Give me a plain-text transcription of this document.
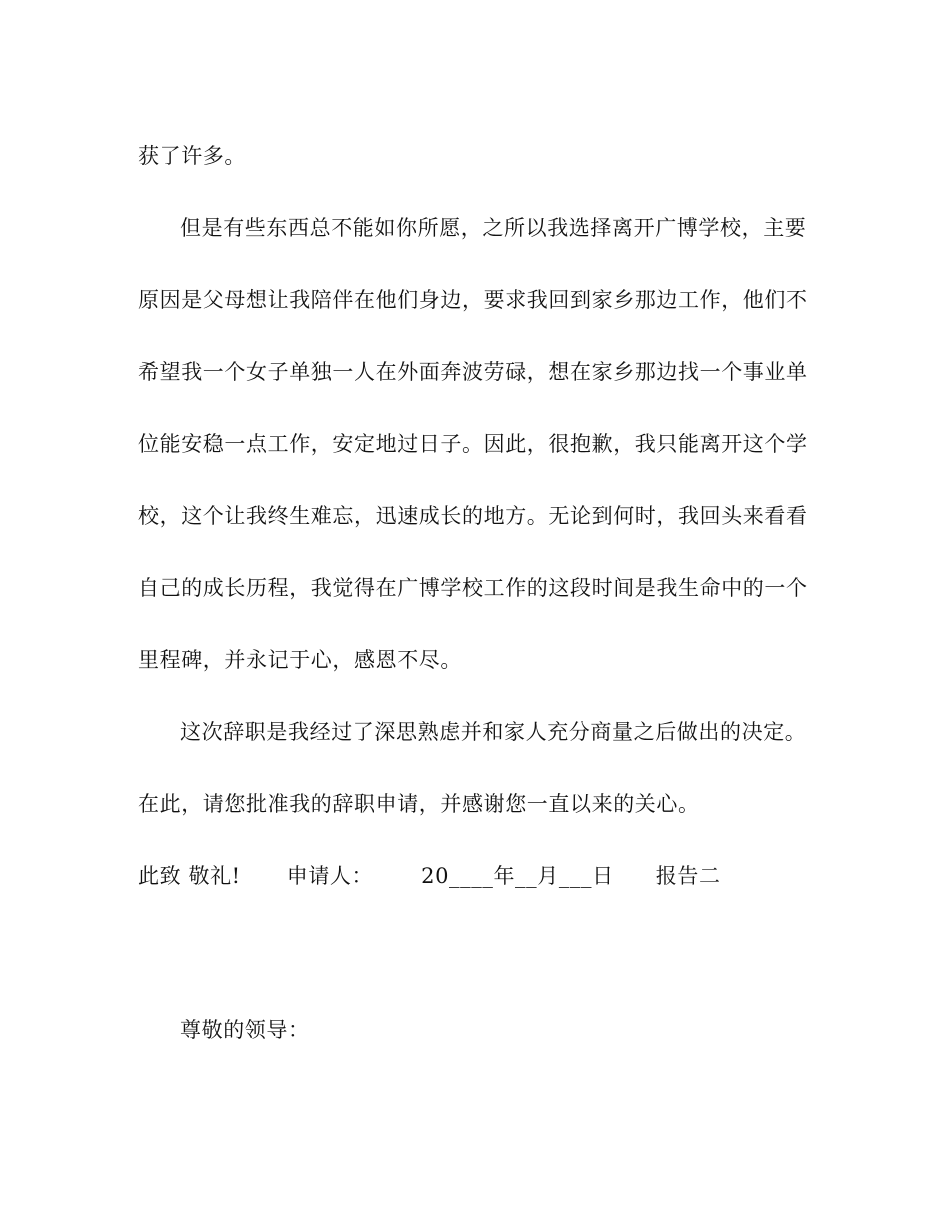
获了许多。
但是有些东西总不能如你所愿，之所以我选择离开广博学校，主要
原因是父母想让我陪伴在他们身边，要求我回到家乡那边工作，他们不
希望我一个女子单独一人在外面奔波劳碌，想在家乡那边找一个事业单
位能安稳一点工作，安定地过日子。因此，很抱歉，我只能离开这个学
校，这个让我终生难忘，迅速成长的地方。无论到何时，我回头来看看
自己的成长历程，我觉得在广博学校工作的这段时间是我生命中的一个
里程碑，并永记于心，感恩不尽。
这次辞职是我经过了深思熟虑并和家人充分商量之后做出的决定。
在此，请您批准我的辞职申请，并感谢您一直以来的关心。
此致 敬礼! 申请人： 20____年__月___日 报告二
尊敬的领导：
